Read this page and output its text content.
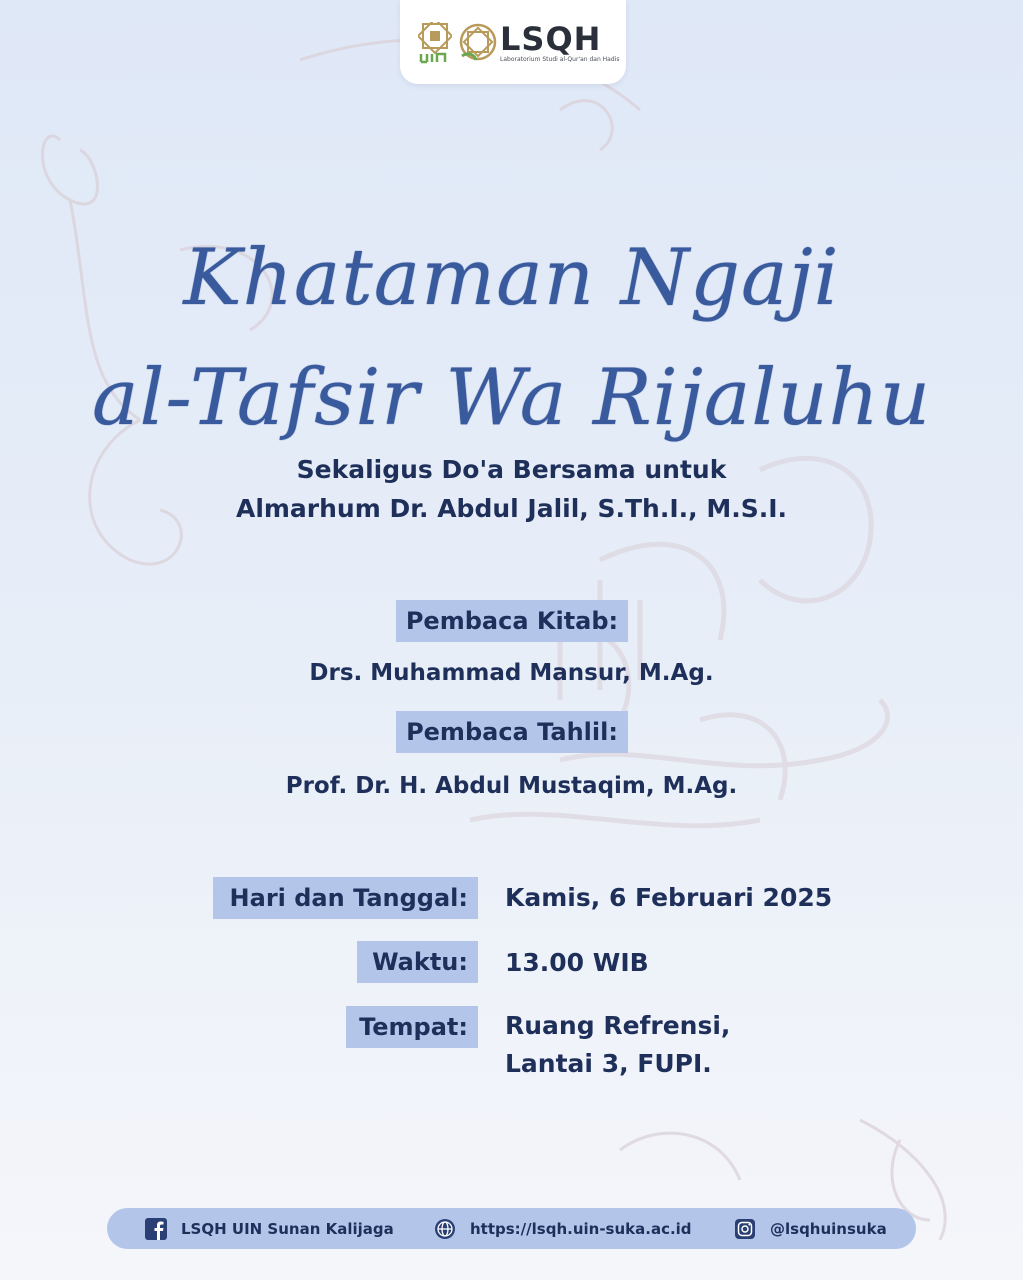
LSQH
Laboratorium Studi al-Qur'an dan Hadis
Khataman Ngaji
al-Tafsir Wa Rijaluhu
Sekaligus Do'a Bersama untuk
Almarhum Dr. Abdul Jalil, S.Th.I., M.S.I.
Pembaca Kitab:
Drs. Muhammad Mansur, M.Ag.
Pembaca Tahlil:
Prof. Dr. H. Abdul Mustaqim, M.Ag.
Hari dan Tanggal:	Kamis, 6 Februari 2025
Waktu:	13.00 WIB
Tempat:	Ruang Refrensi,
Lantai 3, FUPI.
LSQH UIN Sunan Kalijaga	https://lsqh.uin-suka.ac.id	@lsqhuinsuka
